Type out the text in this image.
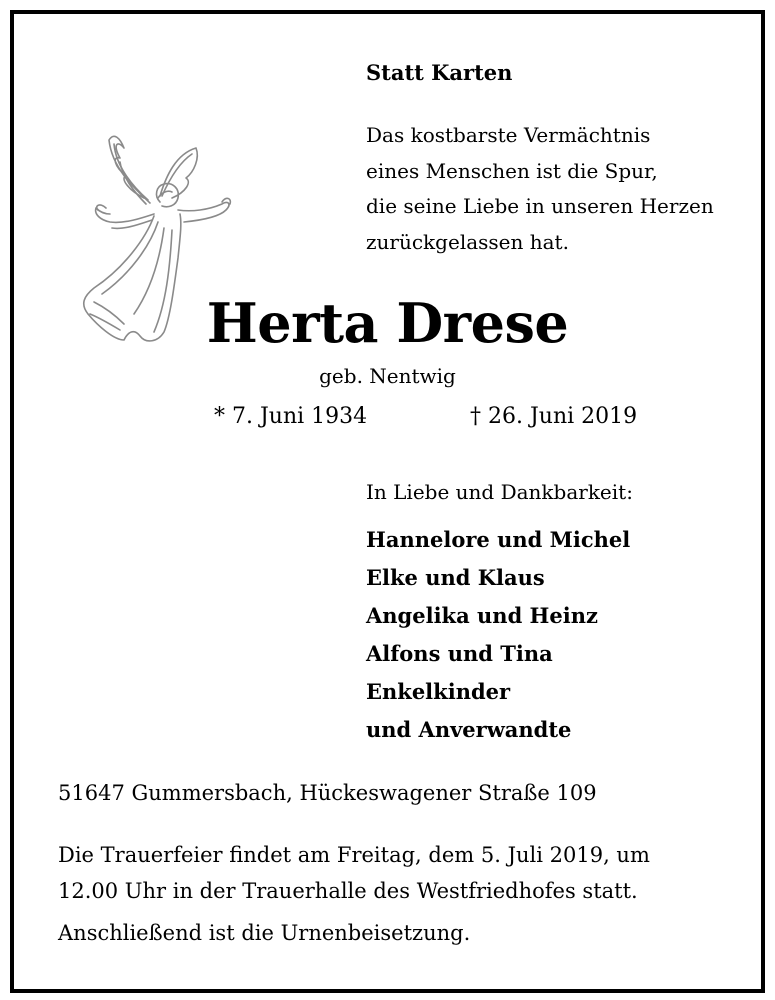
Statt Karten
Das kostbarste Vermächtnis
eines Menschen ist die Spur,
die seine Liebe in unseren Herzen
zurückgelassen hat.
Herta Drese
geb. Nentwig
* 7. Juni 1934	† 26. Juni 2019
In Liebe und Dankbarkeit:
Hannelore und Michel
Elke und Klaus
Angelika und Heinz
Alfons und Tina
Enkelkinder
und Anverwandte
51647 Gummersbach, Hückeswagener Straße 109
Die Trauerfeier findet am Freitag, dem 5. Juli 2019, um
12.00 Uhr in der Trauerhalle des Westfriedhofes statt.
Anschließend ist die Urnenbeisetzung.
